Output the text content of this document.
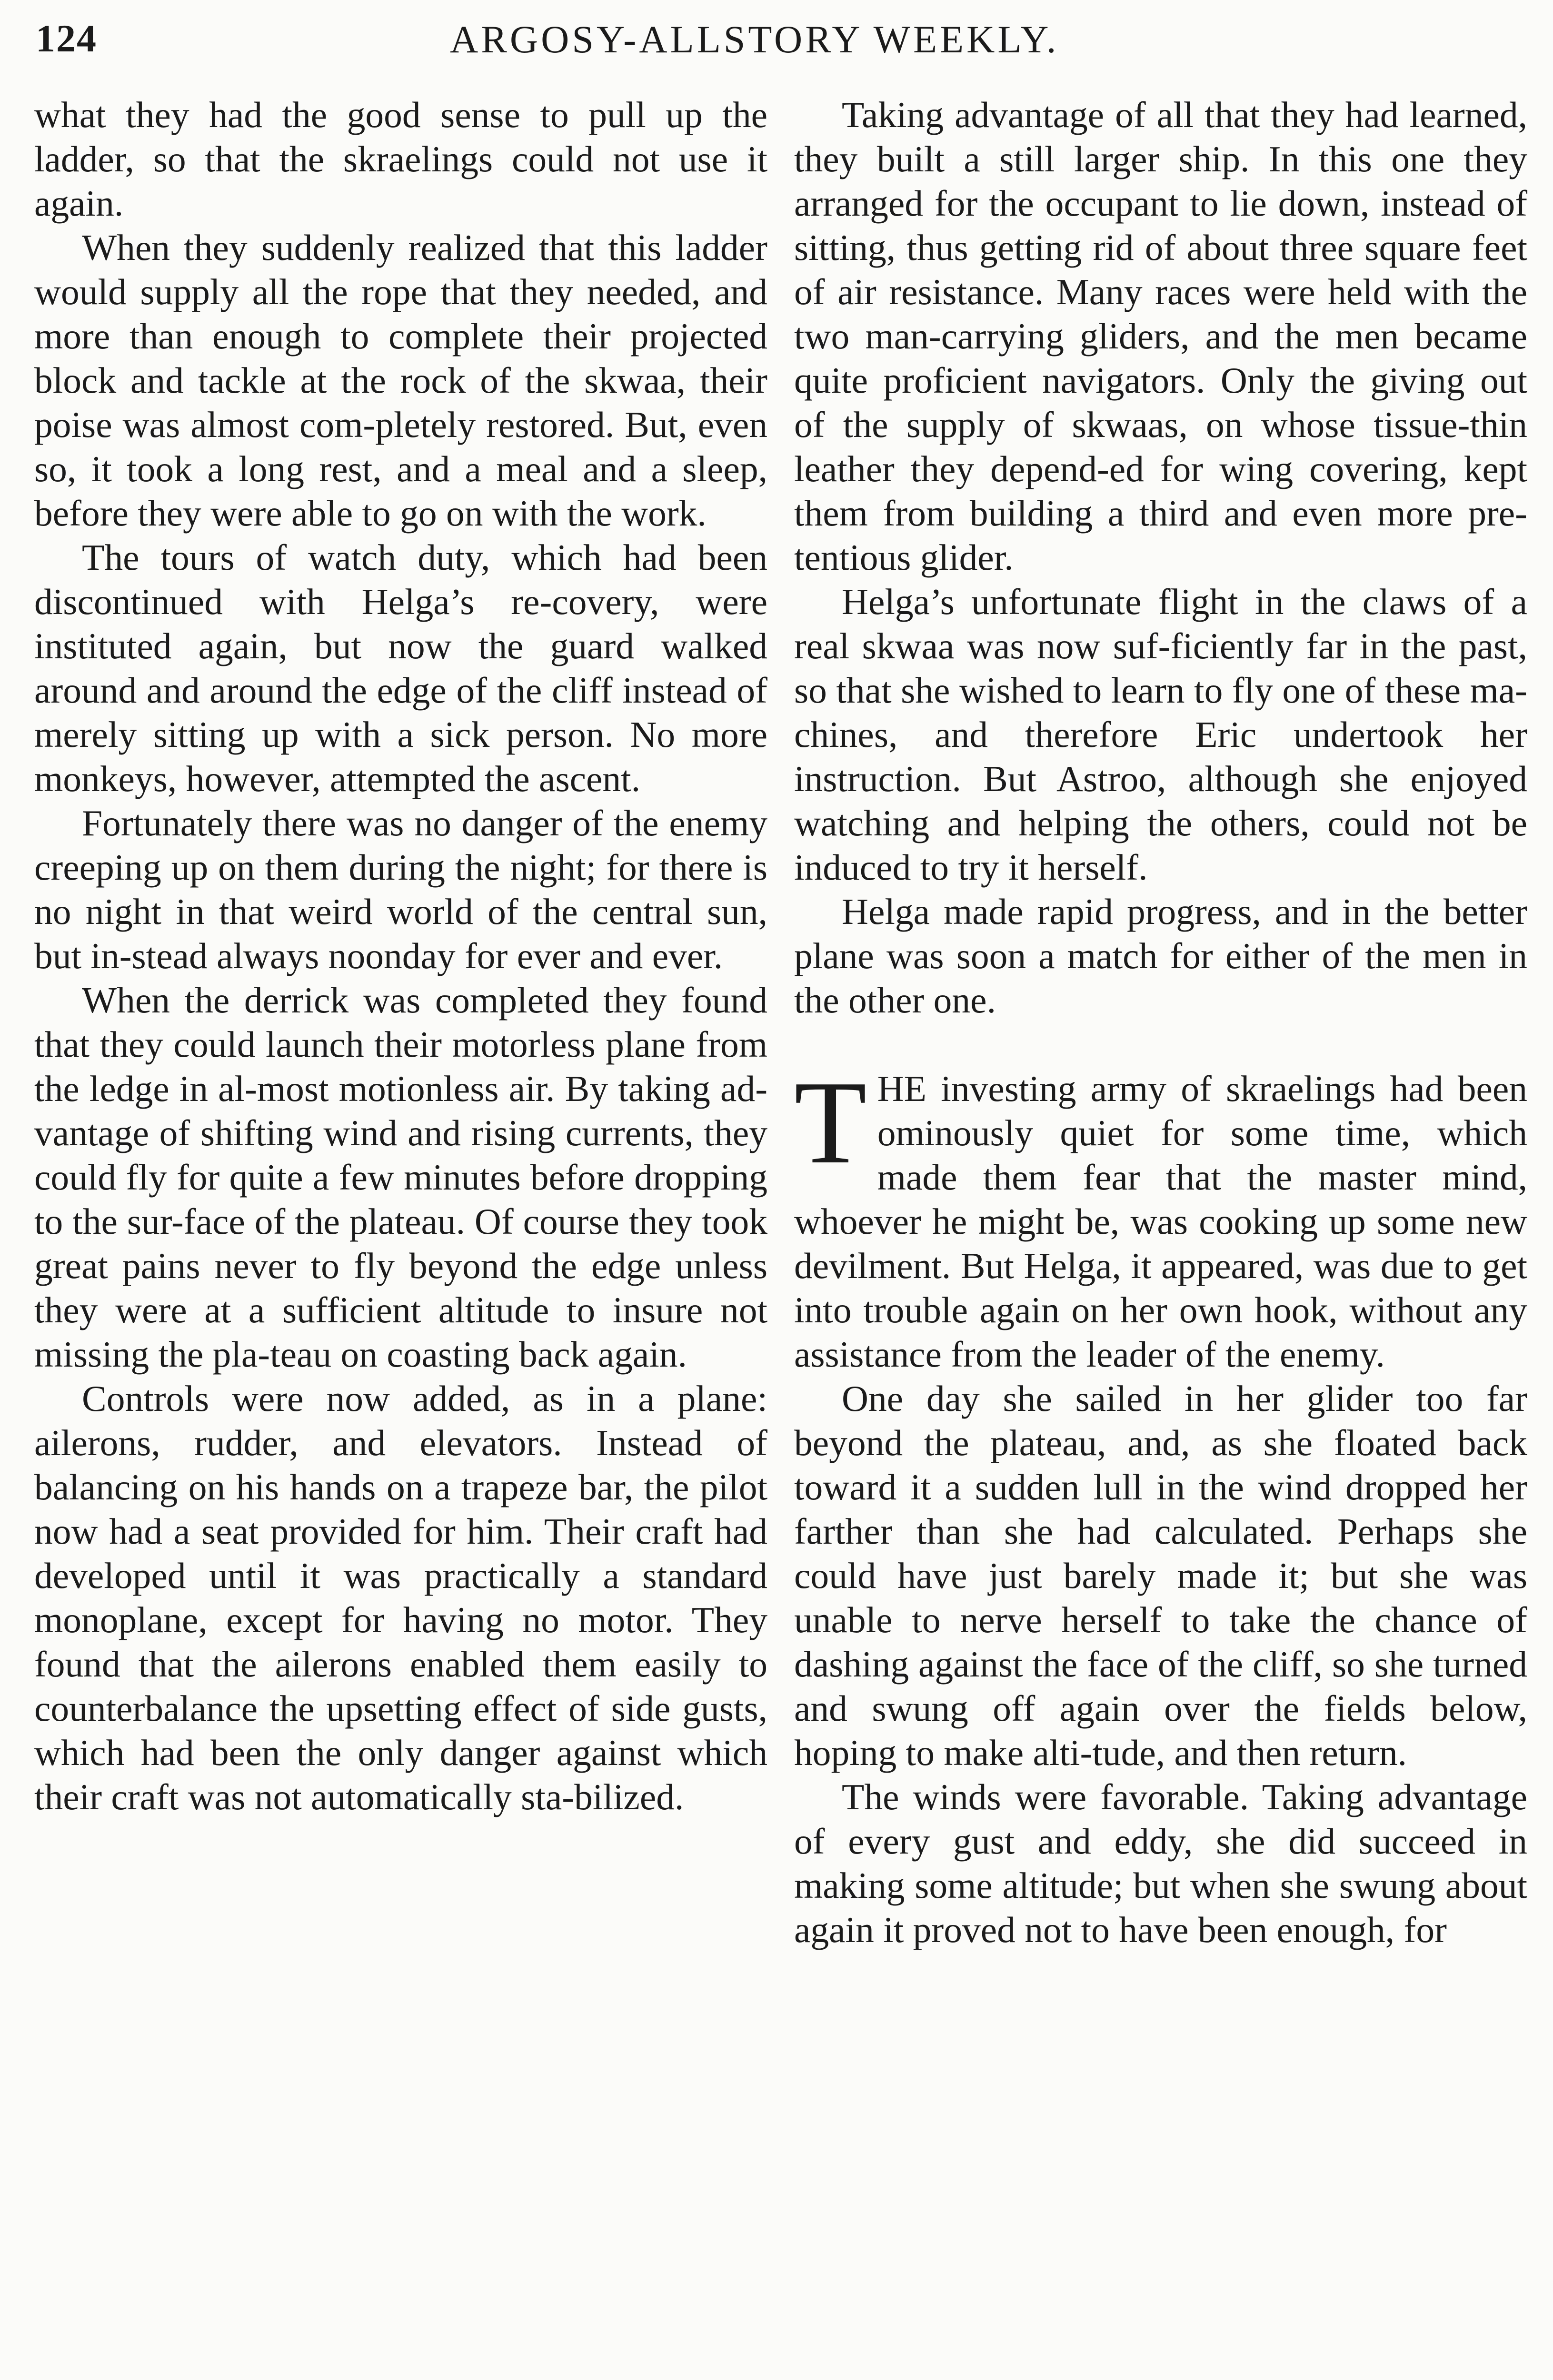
124	ARGOSY-ALLSTORY WEEKLY.

what they had the good sense to pull up the ladder, so that the skraelings could not use it again.

When they suddenly realized that this ladder would supply all the rope that they needed, and more than enough to complete their projected block and tackle at the rock of the skwaa, their poise was almost com-pletely restored. But, even so, it took a long rest, and a meal and a sleep, before they were able to go on with the work.

The tours of watch duty, which had been discontinued with Helga’s re-covery, were instituted again, but now the guard walked around and around the edge of the cliff instead of merely sitting up with a sick person. No more monkeys, however, attempted the ascent.

Fortunately there was no danger of the enemy creeping up on them during the night; for there is no night in that weird world of the central sun, but in-stead always noonday for ever and ever.

When the derrick was completed they found that they could launch their motorless plane from the ledge in al-most motionless air. By taking ad-vantage of shifting wind and rising currents, they could fly for quite a few minutes before dropping to the sur-face of the plateau. Of course they took great pains never to fly beyond the edge unless they were at a sufficient altitude to insure not missing the pla-teau on coasting back again.

Controls were now added, as in a plane: ailerons, rudder, and elevators. Instead of balancing on his hands on a trapeze bar, the pilot now had a seat provided for him. Their craft had developed until it was practically a standard monoplane, except for having no motor. They found that the ailerons enabled them easily to counterbalance the upsetting effect of side gusts, which had been the only danger against which their craft was not automatically sta-bilized.

Taking advantage of all that they had learned, they built a still larger ship. In this one they arranged for the occupant to lie down, instead of sitting, thus getting rid of about three square feet of air resistance. Many races were held with the two man-carrying gliders, and the men became quite proficient navigators. Only the giving out of the supply of skwaas, on whose tissue-thin leather they depend-ed for wing covering, kept them from building a third and even more pre-tentious glider.

Helga’s unfortunate flight in the claws of a real skwaa was now suf-ficiently far in the past, so that she wished to learn to fly one of these ma-chines, and therefore Eric undertook her instruction. But Astroo, although she enjoyed watching and helping the others, could not be induced to try it herself.

Helga made rapid progress, and in the better plane was soon a match for either of the men in the other one.

THE investing army of skraelings had been ominously quiet for some time, which made them fear that the master mind, whoever he might be, was cooking up some new devilment. But Helga, it appeared, was due to get into trouble again on her own hook, without any assistance from the leader of the enemy.

One day she sailed in her glider too far beyond the plateau, and, as she floated back toward it a sudden lull in the wind dropped her farther than she had calculated. Perhaps she could have just barely made it; but she was unable to nerve herself to take the chance of dashing against the face of the cliff, so she turned and swung off again over the fields below, hoping to make alti-tude, and then return.

The winds were favorable. Taking advantage of every gust and eddy, she did succeed in making some altitude; but when she swung about again it proved not to have been enough, for
